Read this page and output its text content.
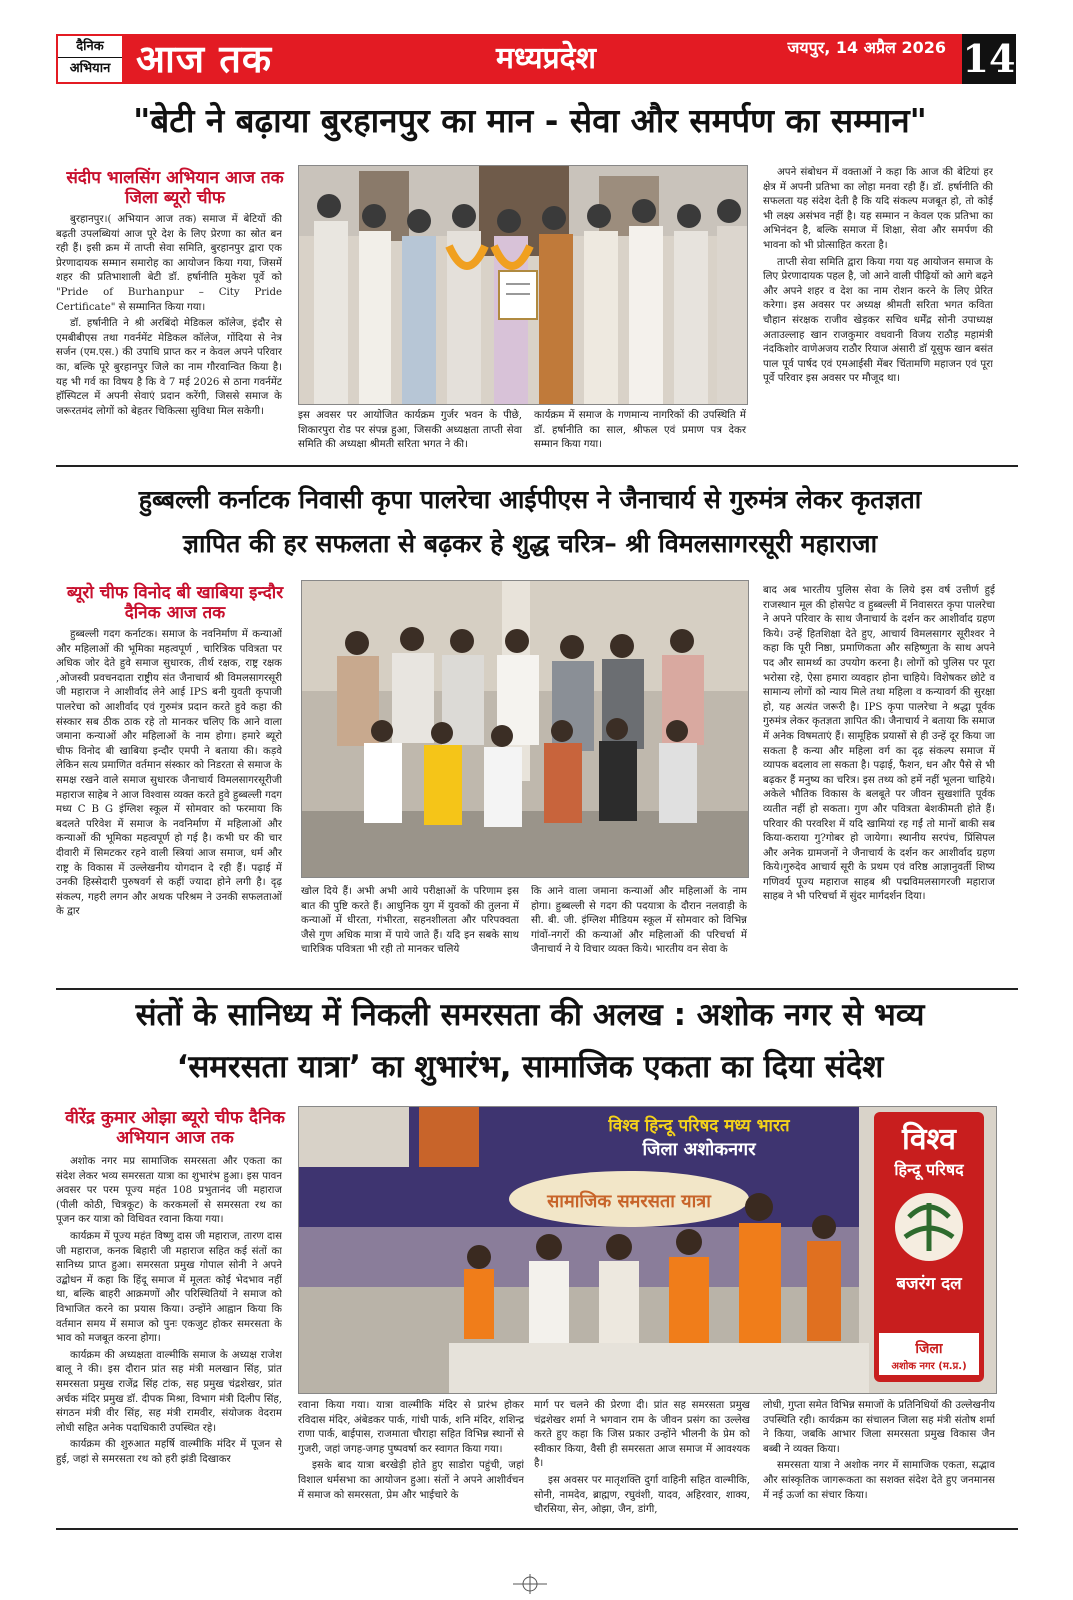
दैनिक
अभियान आज तक	मध्यप्रदेश	जयपुर, 14 अप्रैल 2026 14
"बेटी ने बढ़ाया बुरहानपुर का मान - सेवा और समर्पण का सम्मान"
संदीप भालसिंग अभियान आज तक जिला ब्यूरो चीफ

बुरहानपुर।( अभियान आज तक) समाज में बेटियों की बढ़ती उपलब्धियां आज पूरे देश के लिए प्रेरणा का स्रोत बन रही हैं। इसी क्रम में ताप्ती सेवा समिति, बुरहानपुर द्वारा एक प्रेरणादायक सम्मान समारोह का आयोजन किया गया, जिसमें शहर की प्रतिभाशाली बेटी डॉ. हर्षानीति मुकेश पूर्वे को "Pride of Burhanpur – City Pride Certificate" से सम्मानित किया गया।

डॉ. हर्षानीति ने श्री अरबिंदो मेडिकल कॉलेज, इंदौर से एमबीबीएस तथा गवर्नमेंट मेडिकल कॉलेज, गोंदिया से नेत्र सर्जन (एम.एस.) की उपाधि प्राप्त कर न केवल अपने परिवार का, बल्कि पूरे बुरहानपुर जिले का नाम गौरवान्वित किया है। यह भी गर्व का विषय है कि वे 7 मई 2026 से ठाना गवर्नमेंट हॉस्पिटल में अपनी सेवाएं प्रदान करेंगी, जिससे समाज के जरूरतमंद लोगों को बेहतर चिकित्सा सुविधा मिल सकेगी।	इस अवसर पर आयोजित कार्यक्रम गुर्जर भवन के पीछे, शिकारपुरा रोड पर संपन्न हुआ, जिसकी अध्यक्षता ताप्ती सेवा समिति की अध्यक्षा श्रीमती सरिता भगत ने की।
कार्यक्रम में समाज के गणमान्य नागरिकों की उपस्थिति में डॉ. हर्षानीति का साल, श्रीफल एवं प्रमाण पत्र देकर सम्मान किया गया।

अपने संबोधन में वक्ताओं ने कहा कि आज की बेटियां हर क्षेत्र में अपनी प्रतिभा का लोहा मनवा रही हैं। डॉ. हर्षानीति की सफलता यह संदेश देती है कि यदि संकल्प मजबूत हो, तो कोई भी लक्ष्य असंभव नहीं है। यह सम्मान न केवल एक प्रतिभा का अभिनंदन है, बल्कि समाज में शिक्षा, सेवा और समर्पण की भावना को भी प्रोत्साहित करता है।

ताप्ती सेवा समिति द्वारा किया गया यह आयोजन समाज के लिए प्रेरणादायक पहल है, जो आने वाली पीढ़ियों को आगे बढ़ने और अपने शहर व देश का नाम रोशन करने के लिए प्रेरित करेगा। इस अवसर पर अध्यक्ष श्रीमती सरिता भगत कविता चौहान संरक्षक राजीव खेड़कर सचिव धर्मेंद्र सोनी उपाध्यक्ष अताउल्लाह खान राजकुमार वधवानी विजय राठौड़ महामंत्री नंदकिशोर वाणेअजय राठौर रियाज अंसारी डॉ यूसुफ खान बसंत पाल पूर्व पार्षद एवं एमआईसी मेंबर चिंतामणि महाजन एवं पूरा पूर्वे परिवार इस अवसर पर मौजूद था।

हुब्बल्ली कर्नाटक निवासी कृपा पालरेचा आईपीएस ने जैनाचार्य से गुरुमंत्र लेकर कृतज्ञता
ज्ञापित की हर सफलता से बढ़कर हे शुद्ध चरित्र– श्री विमलसागरसूरी महाराजा
ब्यूरो चीफ विनोद बी खाबिया इन्दौर दैनिक आज तक

हुब्बल्ली गदग कर्नाटक। समाज के नवनिर्माण में कन्याओं और महिलाओं की भूमिका महत्वपूर्ण , चारित्रिक पवित्रता पर अधिक जोर देते हुवे समाज सुधारक, तीर्थ रक्षक, राष्ट्र रक्षक ,ओजस्वी प्रवचनदाता राष्ट्रीय संत जैनाचार्य श्री विमलसागरसूरी जी महाराज ने आशीर्वाद लेने आई IPS बनी युवती कृपाजी पालरेचा को आशीर्वाद एवं गुरुमंत्र प्रदान करते हुवे कहा की संस्कार सब ठीक ठाक रहे तो मानकर चलिए कि आने वाला जमाना कन्याओं और महिलाओं के नाम होगा। हमारे ब्यूरो चीफ विनोद बी खाबिया इन्दौर एमपी ने बताया की। कड़वे लेकिन सत्य प्रमाणित वर्तमान संस्कार को निडरता से समाज के समक्ष रखने वाले समाज सुधारक जैनाचार्य विमलसागरसूरीजी महाराज साहेब ने आज विश्वास व्यक्त करते हुवे हुब्बल्ली गदग मध्य C B G इंग्लिश स्कूल में सोमवार को फरमाया कि बदलते परिवेश में समाज के नवनिर्माण में महिलाओं और कन्याओं की भूमिका महत्वपूर्ण हो गई है। कभी घर की चार दीवारी में सिमटकर रहने वाली स्त्रियां आज समाज, धर्म और राष्ट्र के विकास में उल्लेखनीय योगदान दे रही हैं। पढ़ाई में उनकी हिस्सेदारी पुरुषवर्ग से कहीं ज्यादा होने लगी है। दृढ़ संकल्प, गहरी लगन और अथक परिश्रम ने उनकी सफलताओं के द्वार

खोल दिये हैं। अभी अभी आये परीक्षाओं के परिणाम इस बात की पुष्टि करते हैं। आधुनिक युग में युवकों की तुलना में कन्याओं में धीरता, गंभीरता, सहनशीलता और परिपक्वता जैसे गुण अधिक मात्रा में पाये जाते हैं। यदि इन सबके साथ चारित्रिक पवित्रता भी रही तो मानकर चलिये

कि आने वाला जमाना कन्याओं और महिलाओं के नाम होगा। हुब्बल्ली से गदग की पदयात्रा के दौरान नलवाड़ी के सी. बी. जी. इंग्लिश मीडियम स्कूल में सोमवार को विभिन्न गांवों-नगरों की कन्याओं और महिलाओं की परिचर्चा में जैनाचार्य ने ये विचार व्यक्त किये। भारतीय वन सेवा के

बाद अब भारतीय पुलिस सेवा के लिये इस वर्ष उत्तीर्ण हुई राजस्थान मूल की होसपेट व हुब्बल्ली में निवासरत कृपा पालरेचा ने अपने परिवार के साथ जैनाचार्य के दर्शन कर आशीर्वाद ग्रहण किये। उन्हें हितशिक्षा देते हुए, आचार्य विमलसागर सूरीश्वर ने कहा कि पूरी निष्ठा, प्रमाणिकता और सहिष्णुता के साथ अपने पद और सामर्थ्य का उपयोग करना है। लोगों को पुलिस पर पूरा भरोसा रहे, ऐसा हमारा व्यवहार होना चाहिये। विशेषकर छोटे व सामान्य लोगों को न्याय मिले तथा महिला व कन्यावर्ग की सुरक्षा हो, यह अत्यंत जरूरी है। IPS कृपा पालरेचा ने श्रद्धा पूर्वक गुरुमंत्र लेकर कृतज्ञता ज्ञापित की। जैनाचार्य ने बताया कि समाज में अनेक विषमताएं हैं। सामूहिक प्रयासों से ही उन्हें दूर किया जा सकता है कन्या और महिला वर्ग का दृढ़ संकल्प समाज में व्यापक बदलाव ला सकता है। पढ़ाई, फैशन, धन और पैसे से भी बढ़कर हैं मनुष्य का चरित्र। इस तथ्य को हमें नहीं भूलना चाहिये। अकेले भौतिक विकास के बलबूते पर जीवन सुखशांति पूर्वक व्यतीत नहीं हो सकता। गुण और पवित्रता बेशकीमती होते हैं। परिवार की परवरिश में यदि खामियां रह गईं तो मानों बाकी सब किया-कराया गु?गोबर हो जायेगा। स्थानीय सरपंच, प्रिंसिपल और अनेक ग्रामजनों ने जैनाचार्य के दर्शन कर आशीर्वाद ग्रहण किये।गुरुदेव आचार्य सूरी के प्रथम एवं वरिष्ठ आज्ञानुवर्ती शिष्य गणिवर्य पूज्य महाराज साहब श्री पद्मविमलसागरजी महाराज साहब ने भी परिचर्चा में सुंदर मार्गदर्शन दिया।

संतों के सानिध्य में निकली समरसता की अलख : अशोक नगर से भव्य
‘समरसता यात्रा’ का शुभारंभ, सामाजिक एकता का दिया संदेश
वीरेंद्र कुमार ओझा ब्यूरो चीफ दैनिक अभियान आज तक

अशोक नगर मप्र सामाजिक समरसता और एकता का संदेश लेकर भव्य समरसता यात्रा का शुभारंभ हुआ। इस पावन अवसर पर परम पूज्य महंत 108 प्रभुतानंद जी महाराज (पीली कोठी, चित्रकूट) के करकमलों से समरसता रथ का पूजन कर यात्रा को विधिवत रवाना किया गया।

कार्यक्रम में पूज्य महंत विष्णु दास जी महाराज, तारण दास जी महाराज, कनक बिहारी जी महाराज सहित कई संतों का सानिध्य प्राप्त हुआ। समरसता प्रमुख गोपाल सोनी ने अपने उद्बोधन में कहा कि हिंदू समाज में मूलतः कोई भेदभाव नहीं था, बल्कि बाहरी आक्रमणों और परिस्थितियों ने समाज को विभाजित करने का प्रयास किया। उन्होंने आह्वान किया कि वर्तमान समय में समाज को पुनः एकजुट होकर समरसता के भाव को मजबूत करना होगा।

कार्यक्रम की अध्यक्षता वाल्मीकि समाज के अध्यक्ष राजेश बालू ने की। इस दौरान प्रांत सह मंत्री मलखान सिंह, प्रांत समरसता प्रमुख राजेंद्र सिंह टांक, सह प्रमुख चंद्रशेखर, प्रांत अर्चक मंदिर प्रमुख डॉ. दीपक मिश्रा, विभाग मंत्री दिलीप सिंह, संगठन मंत्री वीर सिंह, सह मंत्री रामवीर, संयोजक वेदराम लोधी सहित अनेक पदाधिकारी उपस्थित रहे।

कार्यक्रम की शुरुआत महर्षि वाल्मीकि मंदिर में पूजन से हुई, जहां से समरसता रथ को हरी झंडी दिखाकर

विश्व
हिन्दू परिषद
बजरंग दल
जिला
अशोक नगर (म.प्र.)
विश्व हिन्दू परिषद मध्य भारत
जिला अशोकनगर
सामाजिक समरसता यात्रा

रवाना किया गया। यात्रा वाल्मीकि मंदिर से प्रारंभ होकर रविदास मंदिर, अंबेडकर पार्क, गांधी पार्क, शनि मंदिर, शशिन्द्र राणा पार्क, बाईपास, राजमाता चौराहा सहित विभिन्न स्थानों से गुजरी, जहां जगह-जगह पुष्पवर्षा कर स्वागत किया गया।

इसके बाद यात्रा बरखेड़ी होते हुए साडोरा पहुंची, जहां विशाल धर्मसभा का आयोजन हुआ। संतों ने अपने आशीर्वचन में समाज को समरसता, प्रेम और भाईचारे के

मार्ग पर चलने की प्रेरणा दी। प्रांत सह समरसता प्रमुख चंद्रशेखर शर्मा ने भगवान राम के जीवन प्रसंग का उल्लेख करते हुए कहा कि जिस प्रकार उन्होंने भीलनी के प्रेम को स्वीकार किया, वैसी ही समरसता आज समाज में आवश्यक है।

इस अवसर पर मातृशक्ति दुर्गा वाहिनी सहित वाल्मीकि, सोनी, नामदेव, ब्राह्मण, रघुवंशी, यादव, अहिरवार, शाक्य, चौरसिया, सेन, ओझा, जैन, डांगी,

लोधी, गुप्ता समेत विभिन्न समाजों के प्रतिनिधियों की उल्लेखनीय उपस्थिति रही। कार्यक्रम का संचालन जिला सह मंत्री संतोष शर्मा ने किया, जबकि आभार जिला समरसता प्रमुख विकास जैन बब्बी ने व्यक्त किया।

समरसता यात्रा ने अशोक नगर में सामाजिक एकता, सद्भाव और सांस्कृतिक जागरूकता का सशक्त संदेश देते हुए जनमानस में नई ऊर्जा का संचार किया।
